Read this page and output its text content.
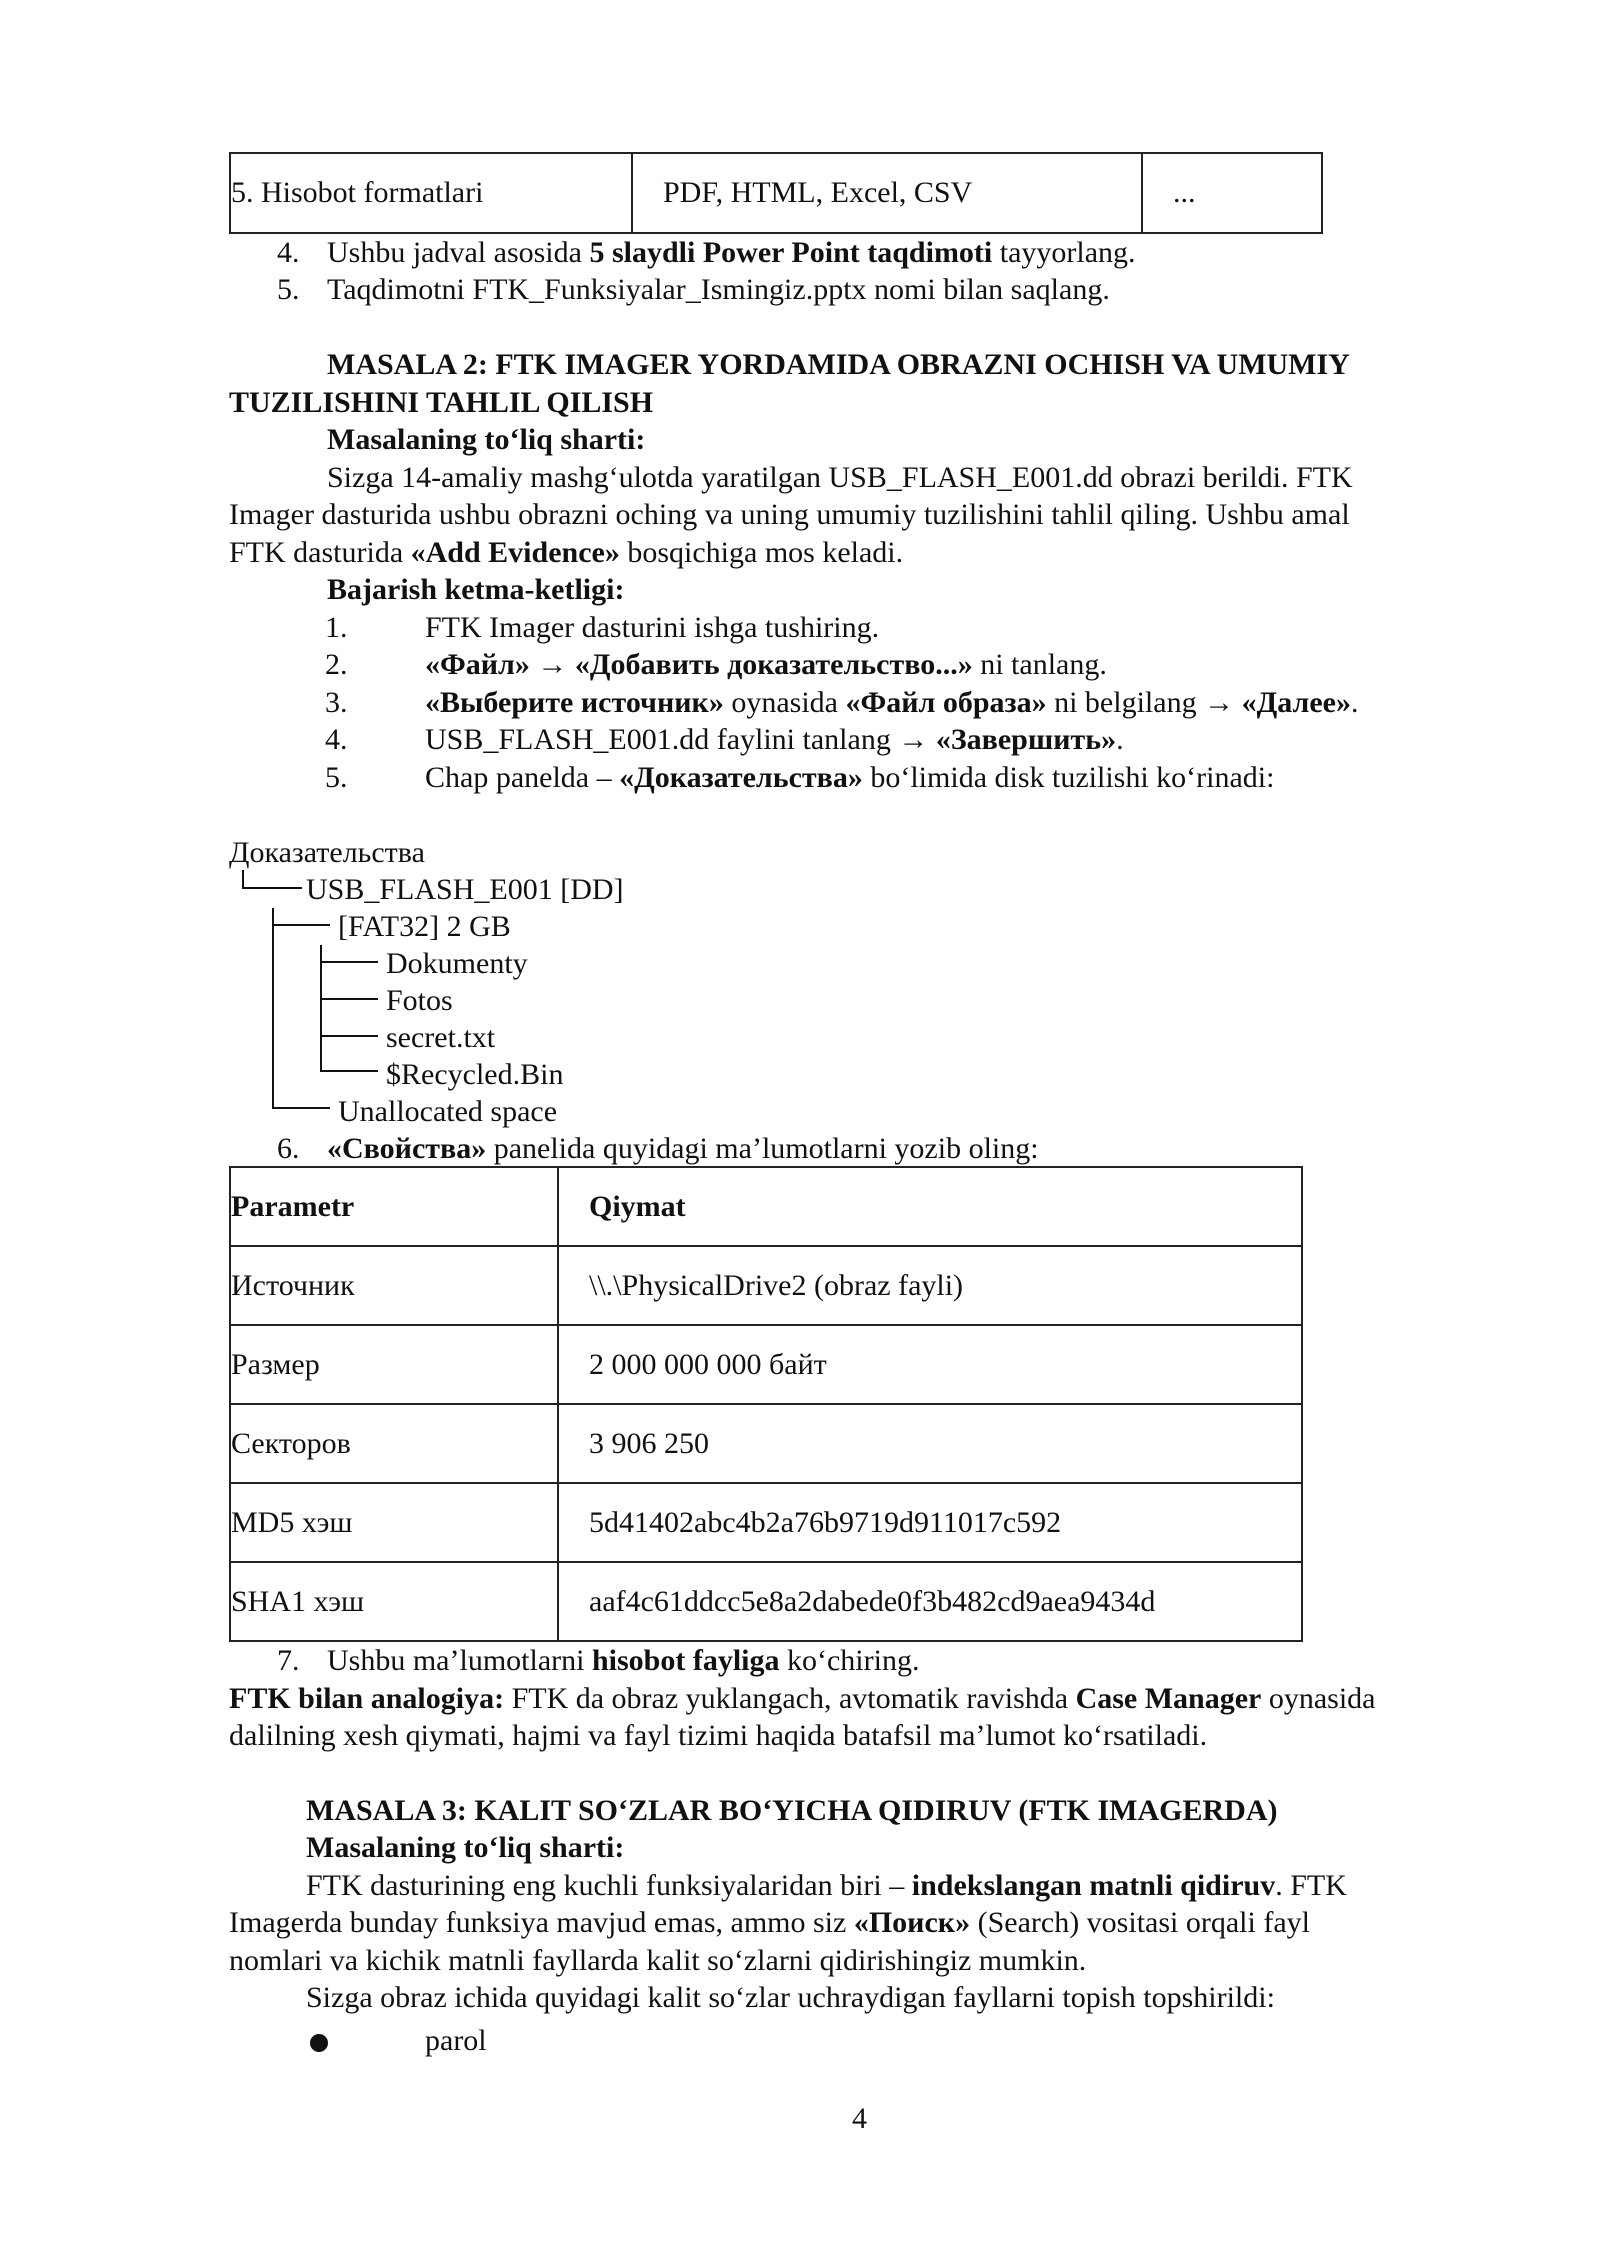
5. Hisobot formatlari	PDF, HTML, Excel, CSV	...
4. Ushbu jadval asosida 5 slaydli Power Point taqdimoti tayyorlang.
5. Taqdimotni FTK_Funksiyalar_Ismingiz.pptx nomi bilan saqlang.
MASALA 2: FTK IMAGER YORDAMIDA OBRAZNI OCHISH VA UMUMIY
TUZILISHINI TAHLIL QILISH
Masalaning to‘liq sharti:
Sizga 14-amaliy mashg‘ulotda yaratilgan USB_FLASH_E001.dd obrazi berildi. FTK
Imager dasturida ushbu obrazni oching va uning umumiy tuzilishini tahlil qiling. Ushbu amal
FTK dasturida «Add Evidence» bosqichiga mos keladi.
Bajarish ketma-ketligi:
1.	FTK Imager dasturini ishga tushiring.
2.	«Файл» → «Добавить доказательство...» ni tanlang.
3.	«Выберите источник» oynasida «Файл образа» ni belgilang → «Далее».
4.	USB_FLASH_E001.dd faylini tanlang → «Завершить».
5.	Chap panelda – «Доказательства» bo‘limida disk tuzilishi ko‘rinadi:
Доказательства
USB_FLASH_E001 [DD]
[FAT32] 2 GB
Dokumenty
Fotos
secret.txt
$Recycled.Bin
Unallocated space
6. «Свойства» panelida quyidagi ma’lumotlarni yozib oling:
Parametr	Qiymat
Источник	\\.\PhysicalDrive2 (obraz fayli)
Размер	2 000 000 000 байт
Секторов	3 906 250
MD5 хэш	5d41402abc4b2a76b9719d911017c592
SHA1 хэш	aaf4c61ddcc5e8a2dabede0f3b482cd9aea9434d
7. Ushbu ma’lumotlarni hisobot fayliga ko‘chiring.
FTK bilan analogiya: FTK da obraz yuklangach, avtomatik ravishda Case Manager oynasida
dalilning xesh qiymati, hajmi va fayl tizimi haqida batafsil ma’lumot ko‘rsatiladi.
MASALA 3: KALIT SO‘ZLAR BO‘YICHA QIDIRUV (FTK IMAGERDA)
Masalaning to‘liq sharti:
FTK dasturining eng kuchli funksiyalaridan biri – indekslangan matnli qidiruv. FTK
Imagerda bunday funksiya mavjud emas, ammo siz «Поиск» (Search) vositasi orqali fayl
nomlari va kichik matnli fayllarda kalit so‘zlarni qidirishingiz mumkin.
Sizga obraz ichida quyidagi kalit so‘zlar uchraydigan fayllarni topish topshirildi:
parol
4
